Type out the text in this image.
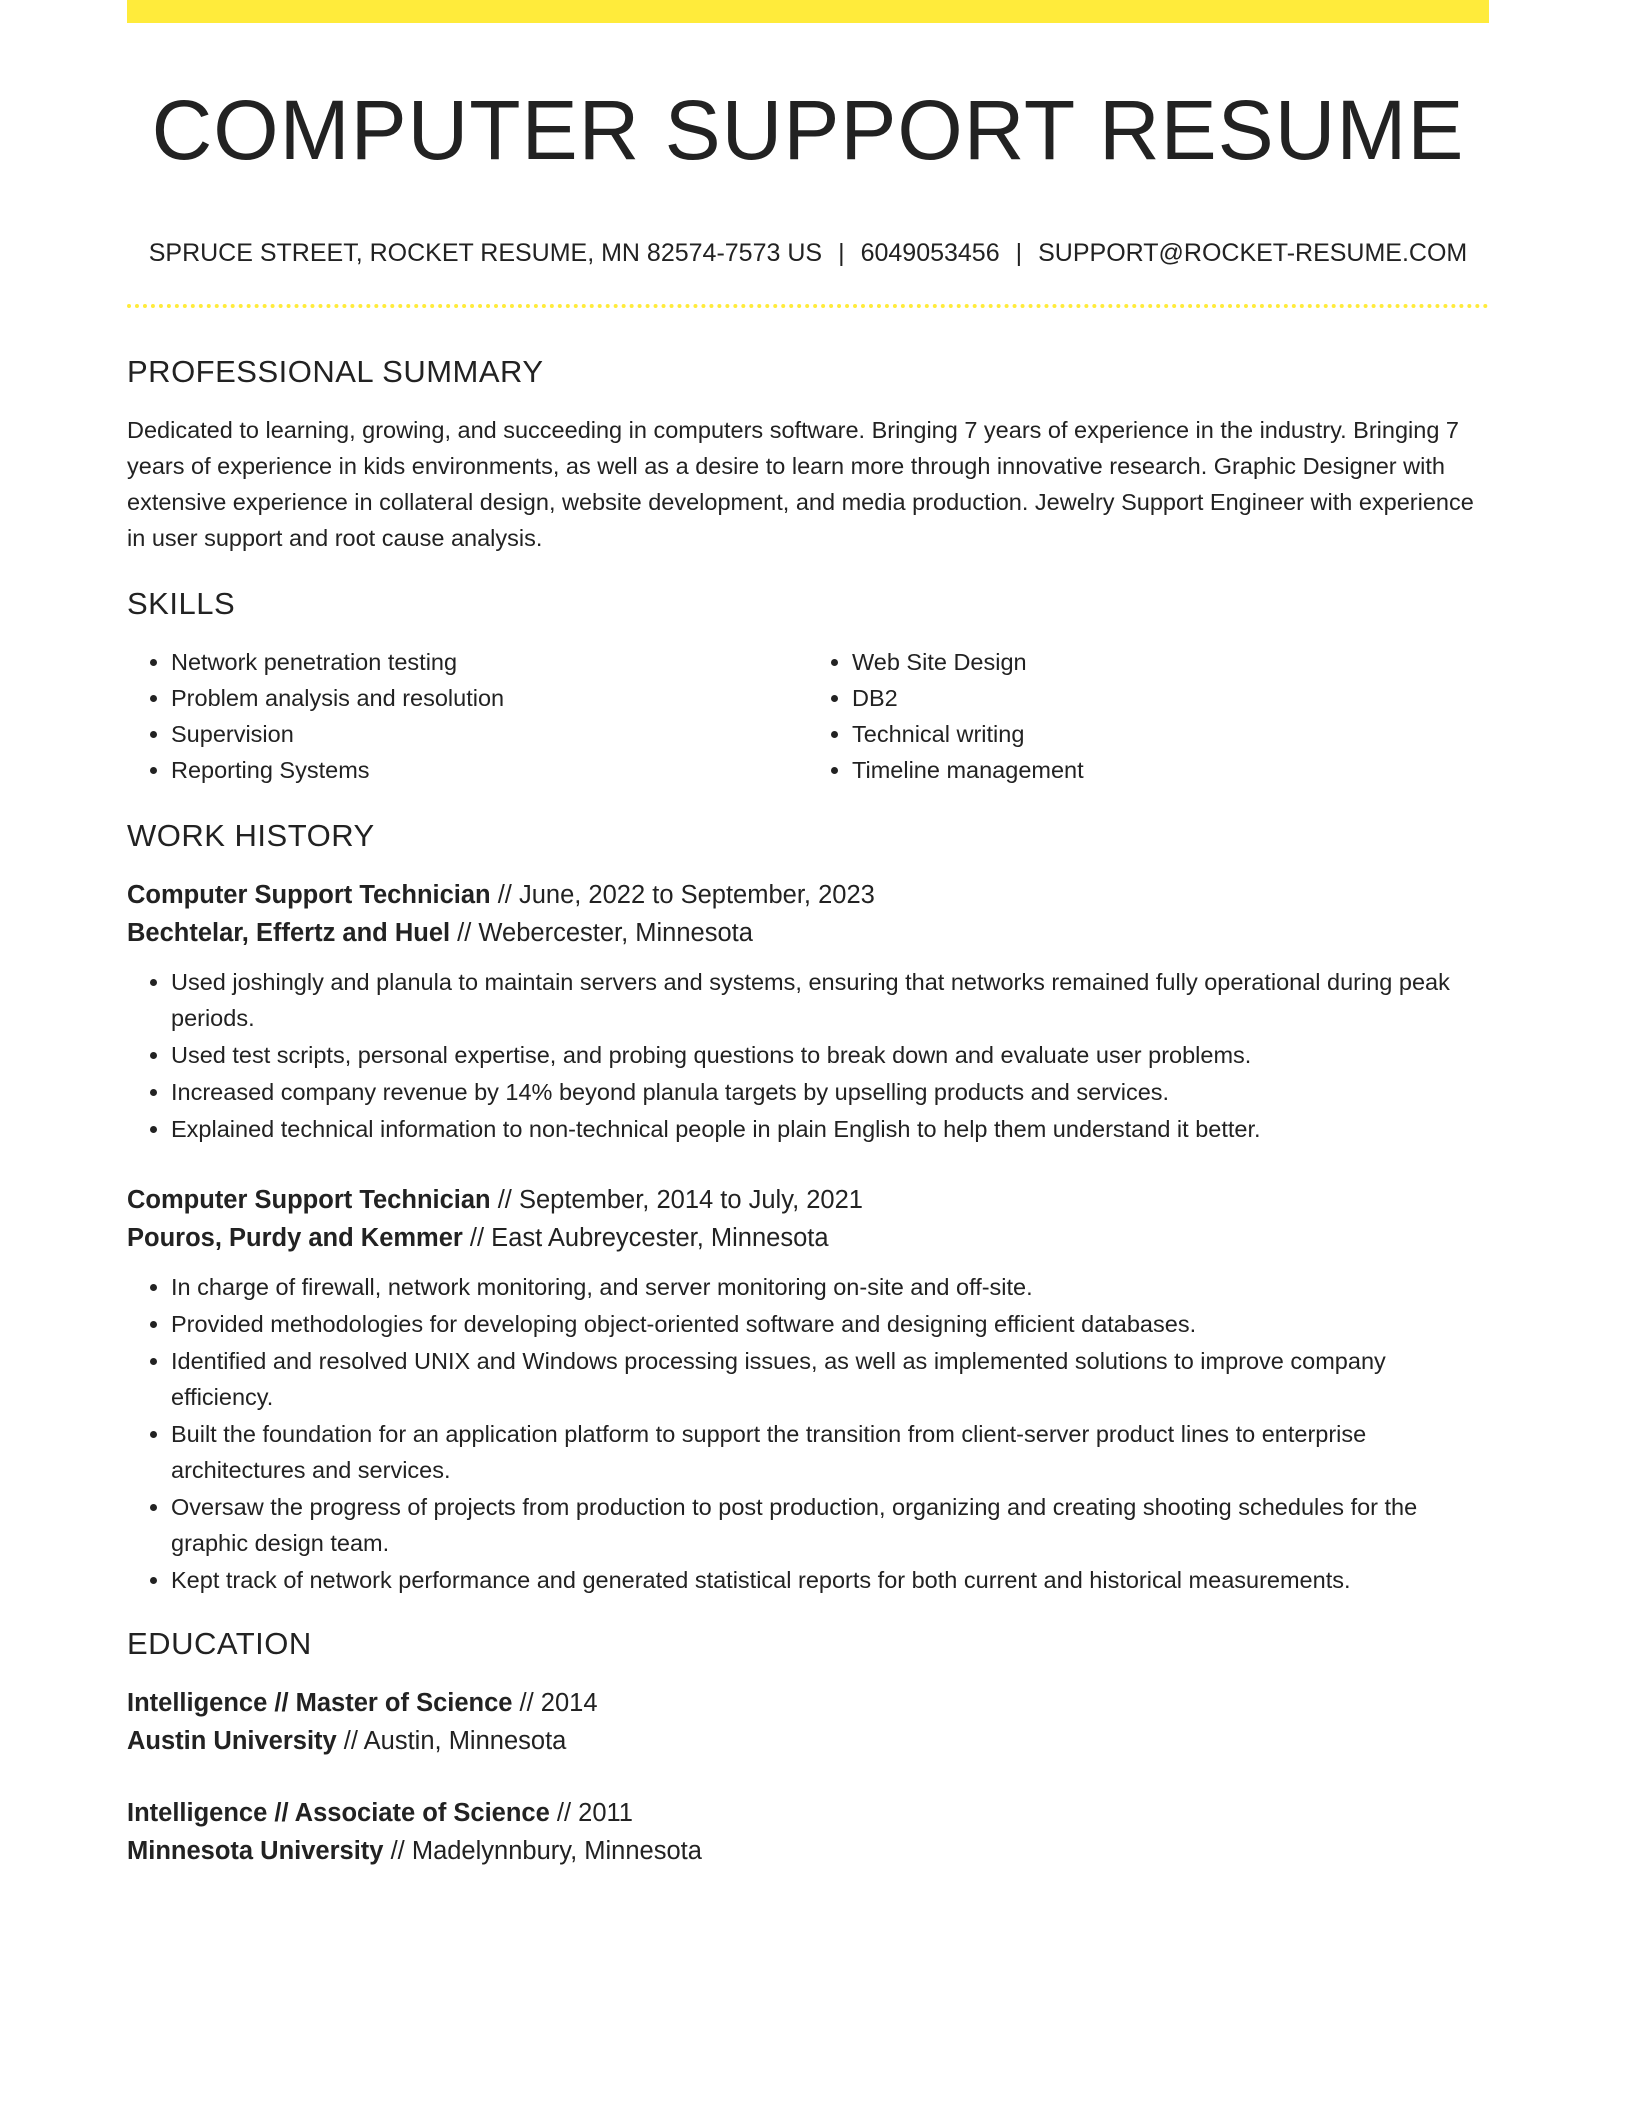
COMPUTER SUPPORT RESUME
SPRUCE STREET, ROCKET RESUME, MN 82574-7573 US | 6049053456 | SUPPORT@ROCKET-RESUME.COM
PROFESSIONAL SUMMARY

Dedicated to learning, growing, and succeeding in computers software. Bringing 7 years of experience in the industry. Bringing 7 years of experience in kids environments, as well as a desire to learn more through innovative research. Graphic Designer with extensive experience in collateral design, website development, and media production. Jewelry Support Engineer with experience in user support and root cause analysis.

SKILLS
• Network penetration testing
• Problem analysis and resolution
• Supervision
• Reporting Systems
• Web Site Design
• DB2
• Technical writing
• Timeline management
WORK HISTORY
Computer Support Technician // June, 2022 to September, 2023
Bechtelar, Effertz and Huel // Webercester, Minnesota
• Used joshingly and planula to maintain servers and systems, ensuring that networks remained fully operational during peak periods.
• Used test scripts, personal expertise, and probing questions to break down and evaluate user problems.
• Increased company revenue by 14% beyond planula targets by upselling products and services.
• Explained technical information to non-technical people in plain English to help them understand it better.
Computer Support Technician // September, 2014 to July, 2021
Pouros, Purdy and Kemmer // East Aubreycester, Minnesota
• In charge of firewall, network monitoring, and server monitoring on-site and off-site.
• Provided methodologies for developing object-oriented software and designing efficient databases.
• Identified and resolved UNIX and Windows processing issues, as well as implemented solutions to improve company efficiency.
• Built the foundation for an application platform to support the transition from client-server product lines to enterprise architectures and services.
• Oversaw the progress of projects from production to post production, organizing and creating shooting schedules for the graphic design team.
• Kept track of network performance and generated statistical reports for both current and historical measurements.
EDUCATION
Intelligence // Master of Science // 2014
Austin University // Austin, Minnesota
Intelligence // Associate of Science // 2011
Minnesota University // Madelynnbury, Minnesota
